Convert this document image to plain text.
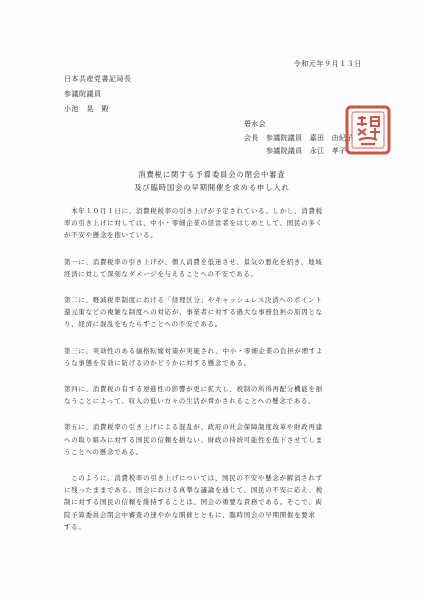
令和元年９月１３日
日本共産党書記局長
参議院議員
小池　晃　殿
碧水会
会長　参議院議員　嘉田　由紀子
参議院議員　永江　孝子
消費税に関する予算委員会の閉会中審査
及び臨時国会の早期開催を求める申し入れ

　本年１０月１日に、消費税税率の引き上げが予定されている。しかし、消費税
率の引き上げに対しては、中小・零細企業の経営者をはじめとして、国民の多く
が不安や懸念を抱いている。

第一に、消費税率の引き上げが、個人消費を低迷させ、景気の悪化を招き、地域
経済に対して深刻なダメージを与えることへの不安である。

第二に、軽減税率制度における「経理区分」やキャッシュレス決済へのポイント
還元策などの複雑な制度への対応が、事業者に対する過大な事務負担の原因とな
り、経済に混乱をもたらすことへの不安である。

第三に、実効性のある価格転嫁対策が実施され、中小・零細企業の負担が増すよ
うな事態を有効に防げるのかどうかに対する懸念である。

第四に、消費税の有する逆進性の影響が更に拡大し、税制の所得再配分機能を損
なうことによって、収入の低い方々の生活が脅かされることへの懸念である。

第五に、消費税率の引き上げによる混乱が、政府の社会保障制度改革や財政再建
への取り組みに対する国民の信頼を損ない、財政の持続可能性を低下させてしま
うことへの懸念である。

　このように、消費税率の引き上げについては、国民の不安や懸念が解消されず
に残ったままである。国会における真摯な議論を通じて、国民の不安に応え、税
制に対する国民の信頼を維持することは、国会の重要な責務である。そこで、両
院予算委員会閉会中審査の速やかな開催とともに、臨時国会の早期開催を要求
する。
